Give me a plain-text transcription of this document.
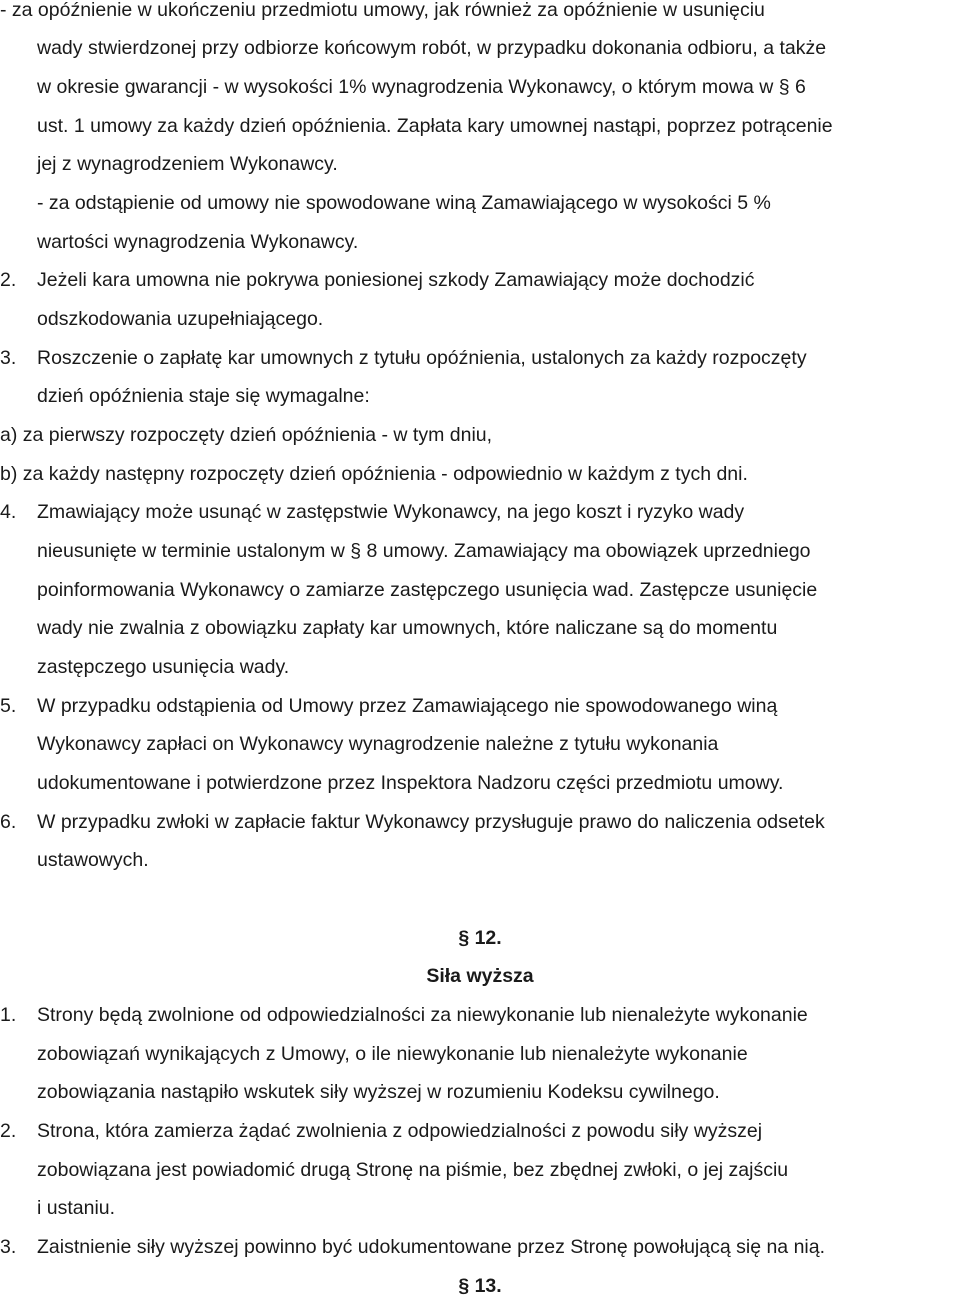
- za opóźnienie w ukończeniu przedmiotu umowy, jak również za opóźnienie w usunięciu
wady stwierdzonej przy odbiorze końcowym robót, w przypadku dokonania odbioru, a także
w okresie gwarancji - w wysokości 1% wynagrodzenia Wykonawcy, o którym mowa w § 6
ust. 1 umowy za każdy dzień opóźnienia. Zapłata kary umownej nastąpi, poprzez potrącenie
jej z wynagrodzeniem Wykonawcy.
- za odstąpienie od umowy nie spowodowane winą Zamawiającego w wysokości 5 %
wartości wynagrodzenia Wykonawcy.
2. Jeżeli kara umowna nie pokrywa poniesionej szkody Zamawiający może dochodzić
odszkodowania uzupełniającego.
3. Roszczenie o zapłatę kar umownych z tytułu opóźnienia, ustalonych za każdy rozpoczęty
dzień opóźnienia staje się wymagalne:
a) za pierwszy rozpoczęty dzień opóźnienia - w tym dniu,
b) za każdy następny rozpoczęty dzień opóźnienia - odpowiednio w każdym z tych dni.
4. Zmawiający może usunąć w zastępstwie Wykonawcy, na jego koszt i ryzyko wady
nieusunięte w terminie ustalonym w § 8 umowy. Zamawiający ma obowiązek uprzedniego
poinformowania Wykonawcy o zamiarze zastępczego usunięcia wad. Zastępcze usunięcie
wady nie zwalnia z obowiązku zapłaty kar umownych, które naliczane są do momentu
zastępczego usunięcia wady.
5. W przypadku odstąpienia od Umowy przez Zamawiającego nie spowodowanego winą
Wykonawcy zapłaci on Wykonawcy wynagrodzenie należne z tytułu wykonania
udokumentowane i potwierdzone przez Inspektora Nadzoru części przedmiotu umowy.
6. W przypadku zwłoki w zapłacie faktur Wykonawcy przysługuje prawo do naliczenia odsetek
ustawowych.
§ 12.
Siła wyższa
1. Strony będą zwolnione od odpowiedzialności za niewykonanie lub nienależyte wykonanie
zobowiązań wynikających z Umowy, o ile niewykonanie lub nienależyte wykonanie
zobowiązania nastąpiło wskutek siły wyższej w rozumieniu Kodeksu cywilnego.
2. Strona, która zamierza żądać zwolnienia z odpowiedzialności z powodu siły wyższej
zobowiązana jest powiadomić drugą Stronę na piśmie, bez zbędnej zwłoki, o jej zajściu
i ustaniu.
3. Zaistnienie siły wyższej powinno być udokumentowane przez Stronę powołującą się na nią.
§ 13.
